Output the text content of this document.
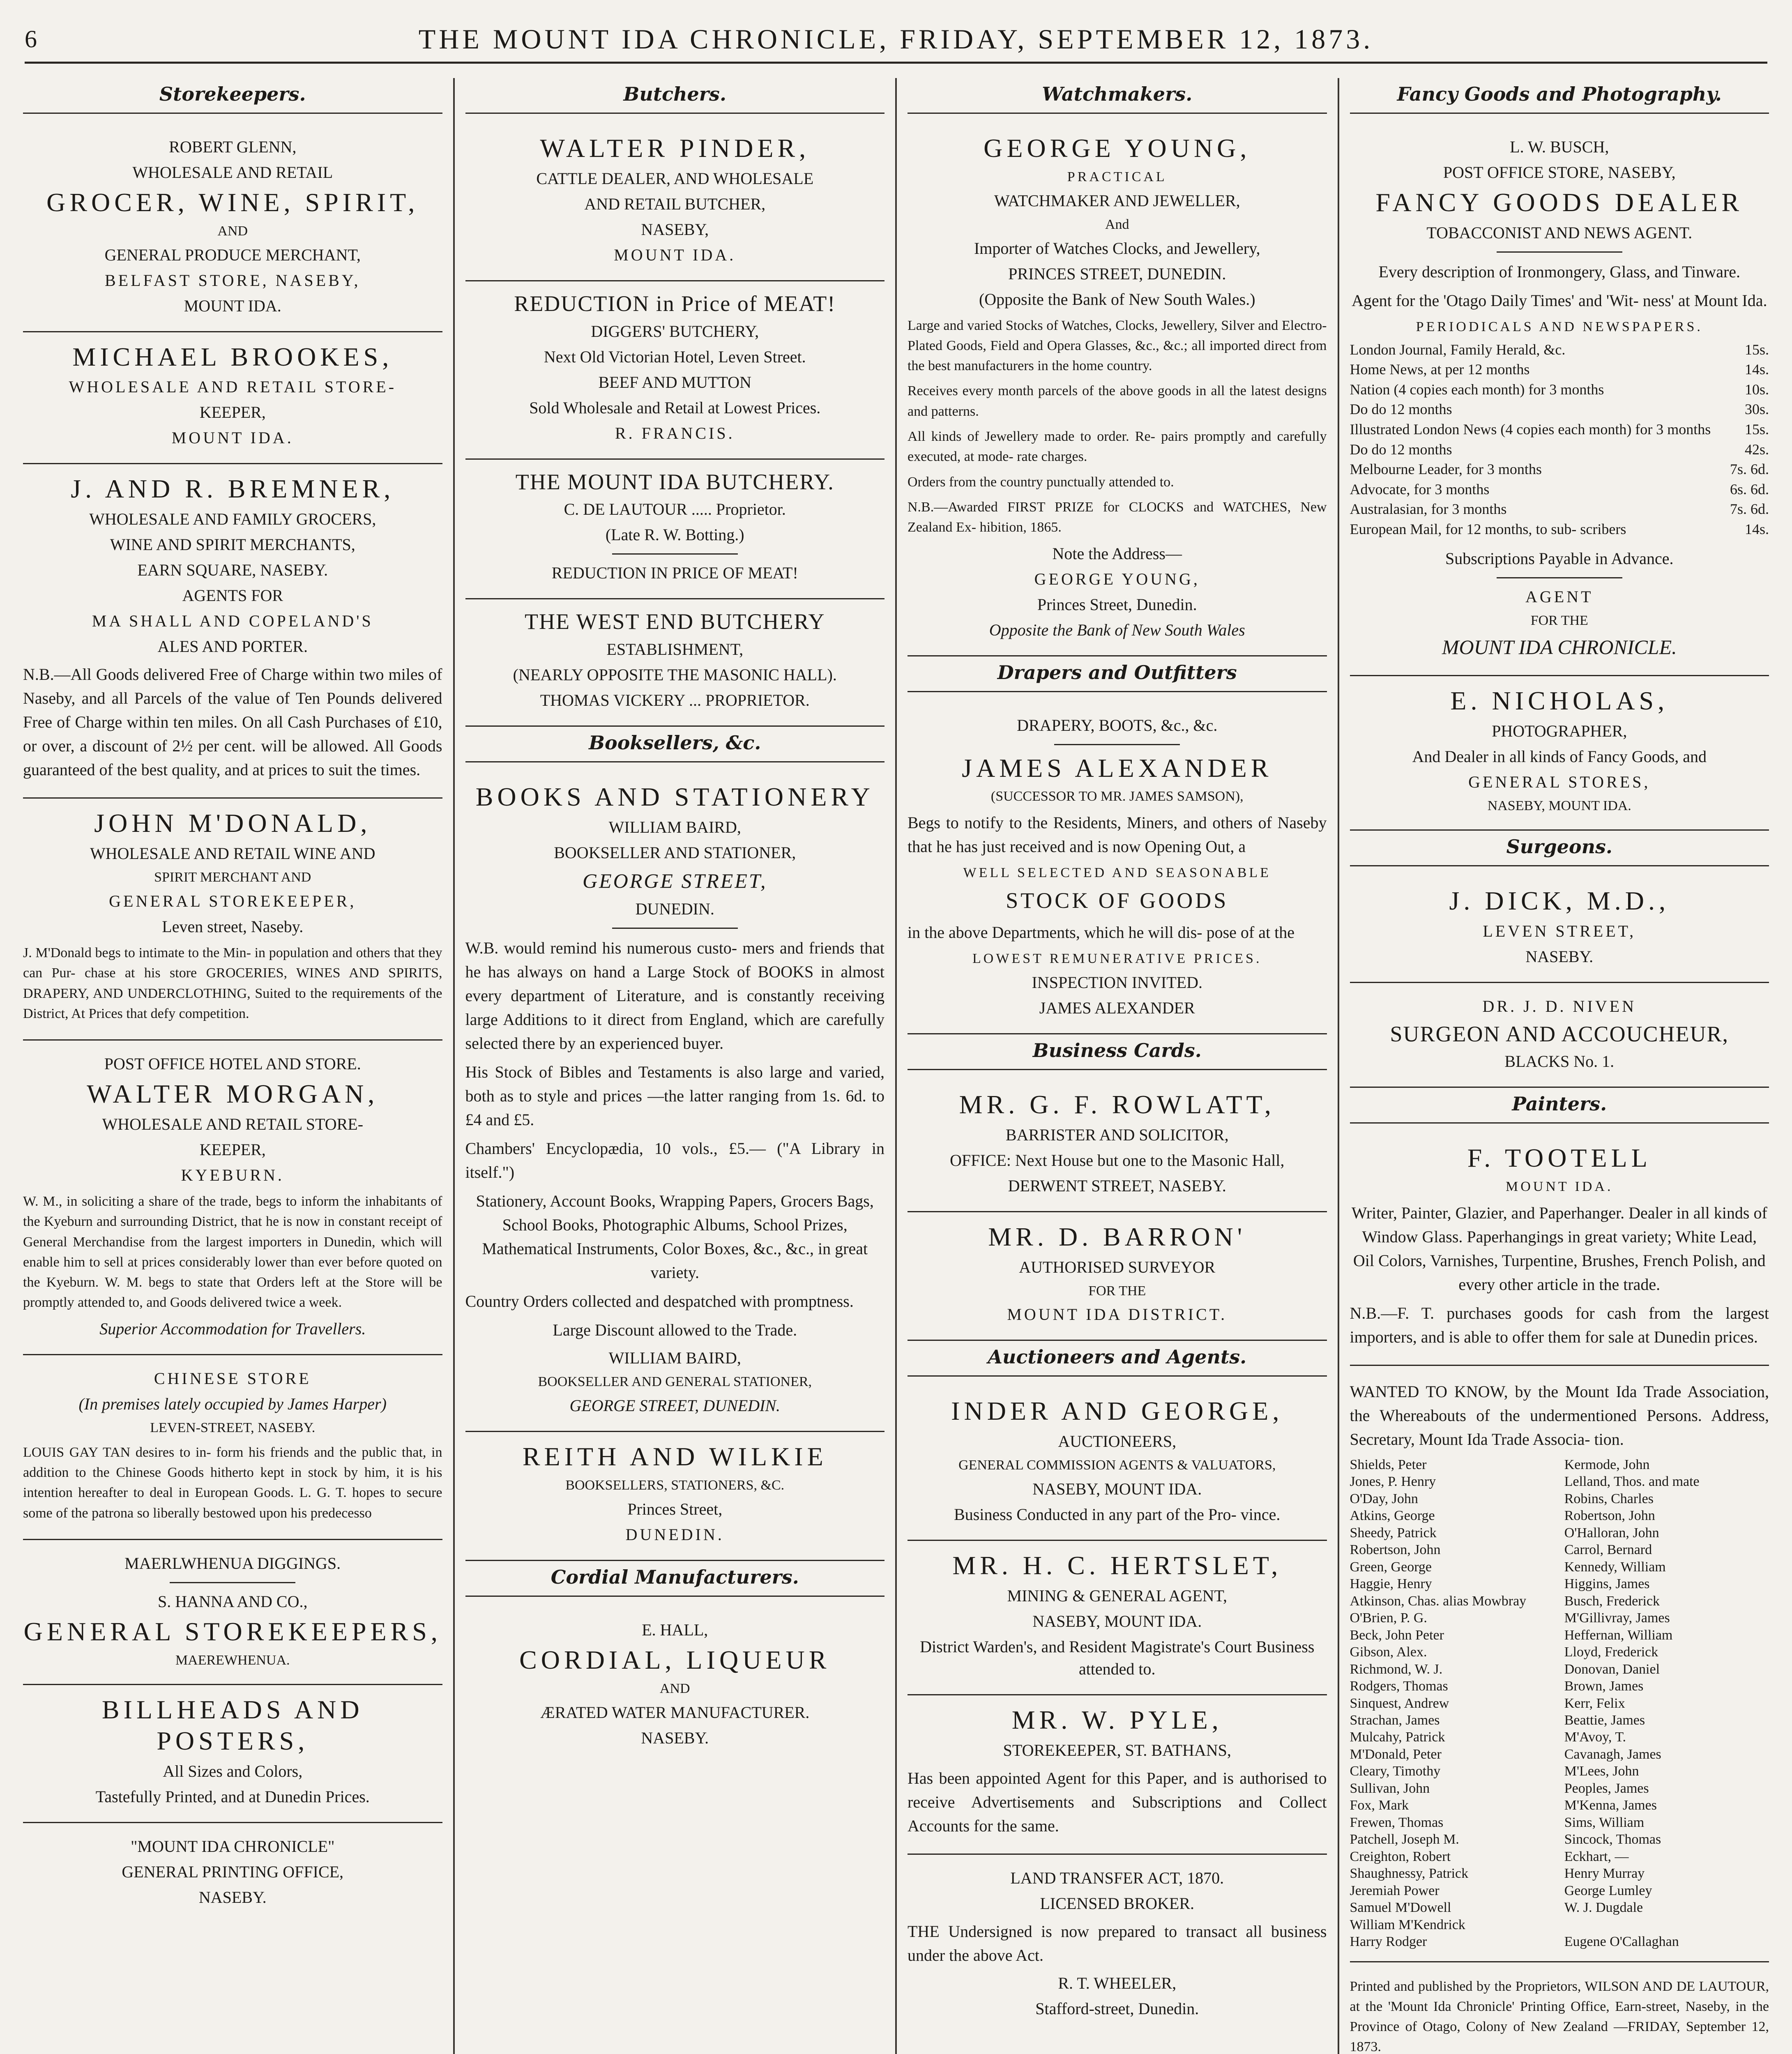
6	THE MOUNT IDA CHRONICLE, FRIDAY, SEPTEMBER 12, 1873.
Storekeepers.
ROBERT GLENN,
WHOLESALE AND RETAIL
GROCER, WINE, SPIRIT,
AND
GENERAL PRODUCE MERCHANT,
BELFAST STORE, NASEBY,
MOUNT IDA.
MICHAEL BROOKES,
WHOLESALE AND RETAIL STORE-
KEEPER,
MOUNT IDA.
J. AND R. BREMNER,
WHOLESALE AND FAMILY GROCERS,
WINE AND SPIRIT MERCHANTS,
EARN SQUARE, NASEBY.
AGENTS FOR
MA SHALL AND COPELAND'S
ALES AND PORTER.
N.B.—All Goods delivered Free of Charge within two miles of Naseby, and all Parcels of the value of Ten Pounds delivered Free of Charge within ten miles. On all Cash Purchases of £10, or over, a discount of 2½ per cent. will be allowed. All Goods guaranteed of the best quality, and at prices to suit the times.
JOHN M'DONALD,
WHOLESALE AND RETAIL WINE AND
SPIRIT MERCHANT AND
GENERAL STOREKEEPER,
Leven street, Naseby.
J. M'Donald begs to intimate to the Min- in population and others that they can Pur- chase at his store GROCERIES, WINES AND SPIRITS, DRAPERY, AND UNDERCLOTHING, Suited to the requirements of the District, At Prices that defy competition.
POST OFFICE HOTEL AND STORE.
WALTER MORGAN,
WHOLESALE AND RETAIL STORE-
KEEPER,
KYEBURN.
W. M., in soliciting a share of the trade, begs to inform the inhabitants of the Kyeburn and surrounding District, that he is now in constant receipt of General Merchandise from the largest importers in Dunedin, which will enable him to sell at prices considerably lower than ever before quoted on the Kyeburn. W. M. begs to state that Orders left at the Store will be promptly attended to, and Goods delivered twice a week.
Superior Accommodation for Travellers.
CHINESE STORE
(In premises lately occupied by James Harper)
LEVEN-STREET, NASEBY.
LOUIS GAY TAN desires to in- form his friends and the public that, in addition to the Chinese Goods hitherto kept in stock by him, it is his intention hereafter to deal in European Goods. L. G. T. hopes to secure some of the patrona so liberally bestowed upon his predecesso
MAERLWHENUA DIGGINGS.
S. HANNA AND CO.,
GENERAL STOREKEEPERS,
MAEREWHENUA.
BILLHEADS AND POSTERS,
All Sizes and Colors,
Tastefully Printed, and at Dunedin Prices.
"MOUNT IDA CHRONICLE"
GENERAL PRINTING OFFICE,
NASEBY.
Butchers.
WALTER PINDER,
CATTLE DEALER, AND WHOLESALE
AND RETAIL BUTCHER,
NASEBY,
MOUNT IDA.
REDUCTION in Price of MEAT!
DIGGERS' BUTCHERY,
Next Old Victorian Hotel, Leven Street.
BEEF AND MUTTON
Sold Wholesale and Retail at Lowest Prices.
R. FRANCIS.
THE MOUNT IDA BUTCHERY.
C. DE LAUTOUR ..... Proprietor.
(Late R. W. Botting.)
REDUCTION IN PRICE OF MEAT!
THE WEST END BUTCHERY
ESTABLISHMENT,
(NEARLY OPPOSITE THE MASONIC HALL).
THOMAS VICKERY ... PROPRIETOR.
Booksellers, &c.
BOOKS AND STATIONERY
WILLIAM BAIRD,
BOOKSELLER AND STATIONER,
GEORGE STREET,
DUNEDIN.
W.B. would remind his numerous custo- mers and friends that he has always on hand a Large Stock of BOOKS in almost every department of Literature, and is constantly receiving large Additions to it direct from England, which are carefully selected there by an experienced buyer.
His Stock of Bibles and Testaments is also large and varied, both as to style and prices —the latter ranging from 1s. 6d. to £4 and £5.
Chambers' Encyclopædia, 10 vols., £5.— ("A Library in itself.")
Stationery, Account Books, Wrapping Papers, Grocers Bags, School Books, Photographic Albums, School Prizes, Mathematical Instruments, Color Boxes, &c., &c., in great variety.
Country Orders collected and despatched with promptness.
Large Discount allowed to the Trade.
WILLIAM BAIRD,
BOOKSELLER AND GENERAL STATIONER,
GEORGE STREET, DUNEDIN.
REITH AND WILKIE
BOOKSELLERS, STATIONERS, &C.
Princes Street,
DUNEDIN.
Cordial Manufacturers.
E. HALL,
CORDIAL, LIQUEUR
AND
ÆRATED WATER MANUFACTURER.
NASEBY.
Watchmakers.
GEORGE YOUNG,
PRACTICAL
WATCHMAKER AND JEWELLER,
And
Importer of Watches Clocks, and Jewellery,
PRINCES STREET, DUNEDIN.
(Opposite the Bank of New South Wales.)
Large and varied Stocks of Watches, Clocks, Jewellery, Silver and Electro-Plated Goods, Field and Opera Glasses, &c., &c.; all imported direct from the best manufacturers in the home country.
Receives every month parcels of the above goods in all the latest designs and patterns.
All kinds of Jewellery made to order. Re- pairs promptly and carefully executed, at mode- rate charges.
Orders from the country punctually attended to.
N.B.—Awarded FIRST PRIZE for CLOCKS and WATCHES, New Zealand Ex- hibition, 1865.
Note the Address—
GEORGE YOUNG,
Princes Street, Dunedin.
Opposite the Bank of New South Wales
Drapers and Outfitters
DRAPERY, BOOTS, &c., &c.
JAMES ALEXANDER
(SUCCESSOR TO MR. JAMES SAMSON),
Begs to notify to the Residents, Miners, and others of Naseby that he has just received and is now Opening Out, a
WELL SELECTED AND SEASONABLE
STOCK OF GOODS
in the above Departments, which he will dis- pose of at the
LOWEST REMUNERATIVE PRICES.
INSPECTION INVITED.
JAMES ALEXANDER
Business Cards.
MR. G. F. ROWLATT,
BARRISTER AND SOLICITOR,
OFFICE: Next House but one to the Masonic Hall,
DERWENT STREET, NASEBY.
MR. D. BARRON'
AUTHORISED SURVEYOR
FOR THE
MOUNT IDA DISTRICT.
Auctioneers and Agents.
INDER AND GEORGE,
AUCTIONEERS,
GENERAL COMMISSION AGENTS & VALUATORS,
NASEBY, MOUNT IDA.
Business Conducted in any part of the Pro- vince.
MR. H. C. HERTSLET,
MINING & GENERAL AGENT,
NASEBY, MOUNT IDA.
District Warden's, and Resident Magistrate's Court Business attended to.
MR. W. PYLE,
STOREKEEPER, ST. BATHANS,
Has been appointed Agent for this Paper, and is authorised to receive Advertisements and Subscriptions and Collect Accounts for the same.
LAND TRANSFER ACT, 1870.
LICENSED BROKER.
THE Undersigned is now prepared to transact all business under the above Act.
R. T. WHEELER,
Stafford-street, Dunedin.
Fancy Goods and Photography.
L. W. BUSCH,
POST OFFICE STORE, NASEBY,
FANCY GOODS DEALER
TOBACCONIST AND NEWS AGENT.
Every description of Ironmongery, Glass, and Tinware.
Agent for the 'Otago Daily Times' and 'Wit- ness' at Mount Ida.
PERIODICALS AND NEWSPAPERS.
London Journal, Family Herald, &c.	15s.
Home News, at per 12 months	14s.
Nation (4 copies each month) for 3 months	10s.
Do do 12 months	30s.
Illustrated London News (4 copies each month) for 3 months 15s.
Do do 12 months	42s.
Melbourne Leader, for 3 months	7s. 6d.
Advocate, for 3 months	6s. 6d.
Australasian, for 3 months	7s. 6d.
European Mail, for 12 months, to sub- scribers	14s.
Subscriptions Payable in Advance.
AGENT
FOR THE
MOUNT IDA CHRONICLE.
E. NICHOLAS,
PHOTOGRAPHER,
And Dealer in all kinds of Fancy Goods, and
GENERAL STORES,
NASEBY, MOUNT IDA.
Surgeons.
J. DICK, M.D.,
LEVEN STREET,
NASEBY.
DR. J. D. NIVEN
SURGEON AND ACCOUCHEUR,
BLACKS No. 1.
Painters.
F. TOOTELL
MOUNT IDA.
Writer, Painter, Glazier, and Paperhanger. Dealer in all kinds of Window Glass. Paperhangings in great variety; White Lead, Oil Colors, Varnishes, Turpentine, Brushes, French Polish, and every other article in the trade.
N.B.—F. T. purchases goods for cash from the largest importers, and is able to offer them for sale at Dunedin prices.
WANTED TO KNOW, by the Mount Ida Trade Association, the Whereabouts of the undermentioned Persons. Address, Secretary, Mount Ida Trade Associa- tion.
Shields, Peter	Kermode, John
Jones, P. Henry	Lelland, Thos. and mate
O'Day, John	Robins, Charles
Atkins, George	Robertson, John
Sheedy, Patrick	O'Halloran, John
Robertson, John	Carrol, Bernard
Green, George	Kennedy, William
Haggie, Henry	Higgins, James
Atkinson, Chas. alias Mowbray	Busch, Frederick
O'Brien, P. G.	M'Gillivray, James
Beck, John Peter	Heffernan, William
Gibson, Alex.	Lloyd, Frederick
Richmond, W. J.	Donovan, Daniel
Rodgers, Thomas	Brown, James
Sinquest, Andrew	Kerr, Felix
Strachan, James	Beattie, James
Mulcahy, Patrick	M'Avoy, T.
M'Donald, Peter	Cavanagh, James
Cleary, Timothy	M'Lees, John
Sullivan, John	Peoples, James
Fox, Mark	M'Kenna, James
Frewen, Thomas	Sims, William
Patchell, Joseph M.	Sincock, Thomas
Creighton, Robert	Eckhart, —
Shaughnessy, Patrick	Henry Murray
Jeremiah Power	George Lumley
Samuel M'Dowell	W. J. Dugdale
William M'Kendrick
Harry Rodger	Eugene O'Callaghan
Printed and published by the Proprietors, WILSON AND DE LAUTOUR, at the 'Mount Ida Chronicle' Printing Office, Earn-street, Naseby, in the Province of Otago, Colony of New Zealand —FRIDAY, September 12, 1873.
